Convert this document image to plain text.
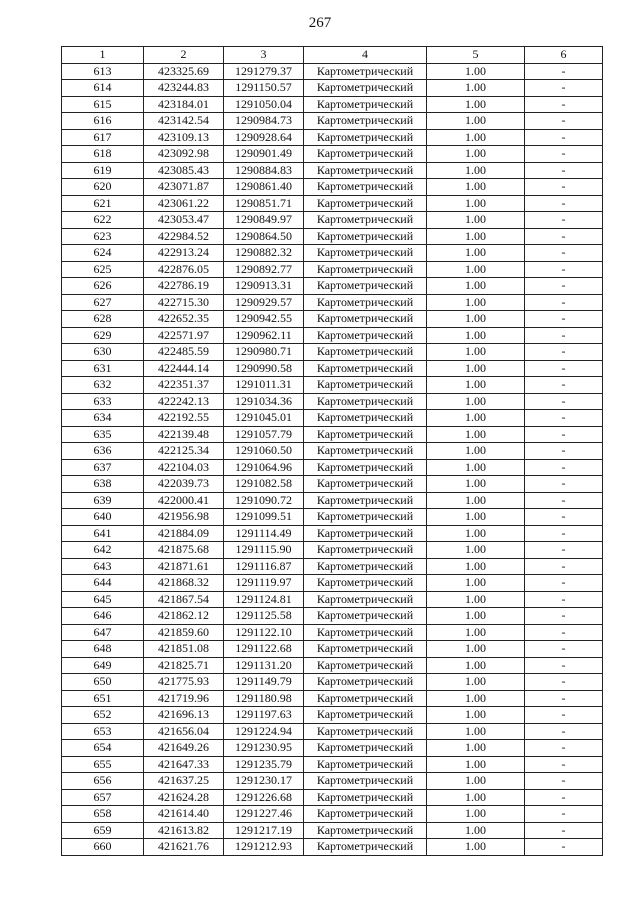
267
1	2	3	4	5	6
613	423325.69	1291279.37	Картометрический	1.00	-
614	423244.83	1291150.57	Картометрический	1.00	-
615	423184.01	1291050.04	Картометрический	1.00	-
616	423142.54	1290984.73	Картометрический	1.00	-
617	423109.13	1290928.64	Картометрический	1.00	-
618	423092.98	1290901.49	Картометрический	1.00	-
619	423085.43	1290884.83	Картометрический	1.00	-
620	423071.87	1290861.40	Картометрический	1.00	-
621	423061.22	1290851.71	Картометрический	1.00	-
622	423053.47	1290849.97	Картометрический	1.00	-
623	422984.52	1290864.50	Картометрический	1.00	-
624	422913.24	1290882.32	Картометрический	1.00	-
625	422876.05	1290892.77	Картометрический	1.00	-
626	422786.19	1290913.31	Картометрический	1.00	-
627	422715.30	1290929.57	Картометрический	1.00	-
628	422652.35	1290942.55	Картометрический	1.00	-
629	422571.97	1290962.11	Картометрический	1.00	-
630	422485.59	1290980.71	Картометрический	1.00	-
631	422444.14	1290990.58	Картометрический	1.00	-
632	422351.37	1291011.31	Картометрический	1.00	-
633	422242.13	1291034.36	Картометрический	1.00	-
634	422192.55	1291045.01	Картометрический	1.00	-
635	422139.48	1291057.79	Картометрический	1.00	-
636	422125.34	1291060.50	Картометрический	1.00	-
637	422104.03	1291064.96	Картометрический	1.00	-
638	422039.73	1291082.58	Картометрический	1.00	-
639	422000.41	1291090.72	Картометрический	1.00	-
640	421956.98	1291099.51	Картометрический	1.00	-
641	421884.09	1291114.49	Картометрический	1.00	-
642	421875.68	1291115.90	Картометрический	1.00	-
643	421871.61	1291116.87	Картометрический	1.00	-
644	421868.32	1291119.97	Картометрический	1.00	-
645	421867.54	1291124.81	Картометрический	1.00	-
646	421862.12	1291125.58	Картометрический	1.00	-
647	421859.60	1291122.10	Картометрический	1.00	-
648	421851.08	1291122.68	Картометрический	1.00	-
649	421825.71	1291131.20	Картометрический	1.00	-
650	421775.93	1291149.79	Картометрический	1.00	-
651	421719.96	1291180.98	Картометрический	1.00	-
652	421696.13	1291197.63	Картометрический	1.00	-
653	421656.04	1291224.94	Картометрический	1.00	-
654	421649.26	1291230.95	Картометрический	1.00	-
655	421647.33	1291235.79	Картометрический	1.00	-
656	421637.25	1291230.17	Картометрический	1.00	-
657	421624.28	1291226.68	Картометрический	1.00	-
658	421614.40	1291227.46	Картометрический	1.00	-
659	421613.82	1291217.19	Картометрический	1.00	-
660	421621.76	1291212.93	Картометрический	1.00	-
